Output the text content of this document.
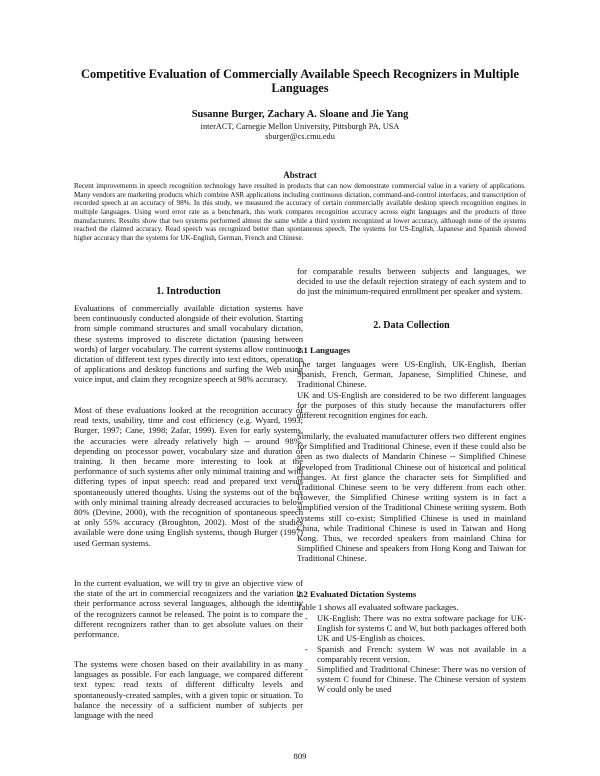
Competitive Evaluation of Commercially Available Speech Recognizers in Multiple Languages
Susanne Burger, Zachary A. Sloane and Jie Yang
interACT, Carnegie Mellon University, Pittsburgh PA, USA
sburger@cs.cmu.edu
Abstract
Recent improvements in speech recognition technology have resulted in products that can now demonstrate commercial value in a variety of applications. Many vendors are marketing products which combine ASR applications including continuous dictation, command-and-control interfaces, and transcription of recorded speech at an accuracy of 98%. In this study, we measured the accuracy of certain commercially available desktop speech recognition engines in multiple languages. Using word error rate as a benchmark, this work compares recognition accuracy across eight languages and the products of three manufacturers. Results show that two systems performed almost the same while a third system recognized at lower accuracy, although none of the systems reached the claimed accuracy. Read speech was recognized better than spontaneous speech. The systems for US-English, Japanese and Spanish showed higher accuracy than the systems for UK-English, German, French and Chinese.
1. Introduction
Evaluations of commercially available dictation systems have been continuously conducted alongside of their evolution. Starting from simple command structures and small vocabulary dictation, these systems improved to discrete dictation (pausing between words) of larger vocabulary. The current systems allow continuous dictation of different text types directly into text editors, operation of applications and desktop functions and surfing the Web using voice input, and claim they recognize speech at 98% accuracy.
Most of these evaluations looked at the recognition accuracy of read texts, usability, time and cost efficiency (e.g. Wyard, 1993; Burger, 1997; Cane, 1998; Zafar, 1999). Even for early systems, the accuracies were already relatively high -- around 98%, depending on processor power, vocabulary size and duration of training. It then became more interesting to look at the performance of such systems after only minimal training and with differing types of input speech: read and prepared text versus spontaneously uttered thoughts. Using the systems out of the box with only minimal training already decreased accuracies to below 80% (Devine, 2000), with the recognition of spontaneous speech at only 55% accuracy (Broughton, 2002). Most of the studies available were done using English systems, though Burger (1997) used German systems.
In the current evaluation, we will try to give an objective view of the state of the art in commercial recognizers and the variation in their performance across several languages, although the identity of the recognizers cannot be released. The point is to compare the different recognizers rather than to get absolute values on their performance.
The systems were chosen based on their availability in as many languages as possible. For each language, we compared different text types: read texts of different difficulty levels and spontaneously-created samples, with a given topic or situation. To balance the necessity of a sufficient number of subjects per language with the need
for comparable results between subjects and languages, we decided to use the default rejection strategy of each system and to do just the minimum-required enrollment per speaker and system.
2. Data Collection
2.1 Languages
The target languages were US-English, UK-English, Iberian Spanish, French, German, Japanese, Simplified Chinese, and Traditional Chinese.
UK and US-English are considered to be two different languages for the purposes of this study because the manufacturers offer different recognition engines for each.
Similarly, the evaluated manufacturer offers two different engines for Simplified and Traditional Chinese, even if these could also be seen as two dialects of Mandarin Chinese -- Simplified Chinese developed from Traditional Chinese out of historical and political changes. At first glance the character sets for Simplified and Traditional Chinese seem to be very different from each other. However, the Simplified Chinese writing system is in fact a simplified version of the Traditional Chinese writing system. Both systems still co-exist; Simplified Chinese is used in mainland China, while Traditional Chinese is used in Taiwan and Hong Kong. Thus, we recorded speakers from mainland China for Simplified Chinese and speakers from Hong Kong and Taiwan for Traditional Chinese.
2.2 Evaluated Dictation Systems
Table 1 shows all evaluated software packages.
- UK-English: There was no extra software package for UK-English for systems C and W, but both packages offered both UK and US-English as choices.
- Spanish and French: system W was not available in a comparably recent version.
- Simplified and Traditional Chinese: There was no version of system C found for Chinese. The Chinese version of system W could only be used
809
